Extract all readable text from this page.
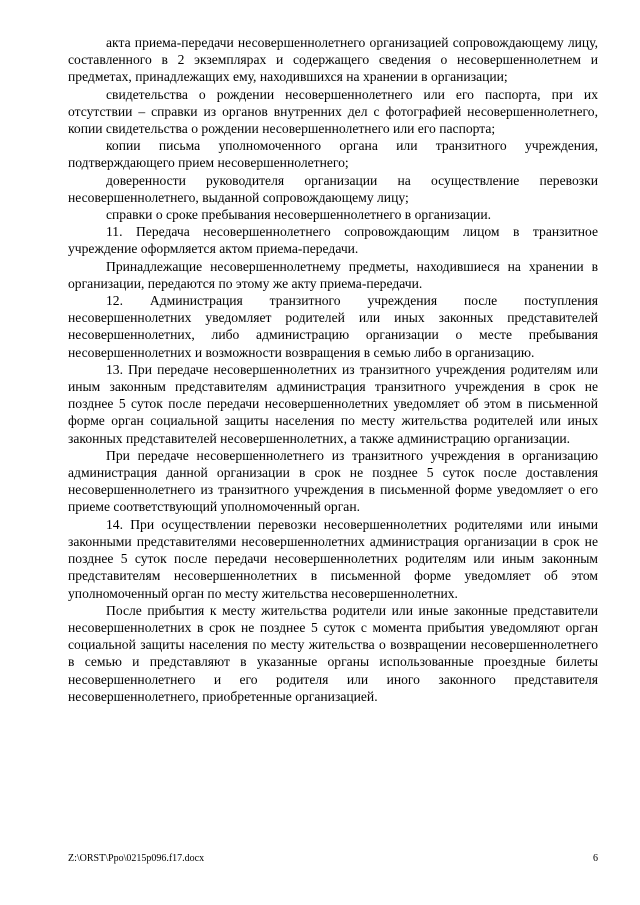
акта приема-передачи несовершеннолетнего организацией сопровождающему лицу, составленного в 2 экземплярах и содержащего сведения о несовершеннолетнем и предметах, принадлежащих ему, находившихся на хранении в организации;

свидетельства о рождении несовершеннолетнего или его паспорта, при их отсутствии – справки из органов внутренних дел с фотографией несовершеннолетнего, копии свидетельства о рождении несовершеннолетнего или его паспорта;

копии письма уполномоченного органа или транзитного учреждения, подтверждающего прием несовершеннолетнего;

доверенности руководителя организации на осуществление перевозки несовершеннолетнего, выданной сопровождающему лицу;

справки о сроке пребывания несовершеннолетнего в организации.

11. Передача несовершеннолетнего сопровождающим лицом в транзитное учреждение оформляется актом приема-передачи.

Принадлежащие несовершеннолетнему предметы, находившиеся на хранении в организации, передаются по этому же акту приема-передачи.

12. Администрация транзитного учреждения после поступления несовершеннолетних уведомляет родителей или иных законных представителей несовершеннолетних, либо администрацию организации о месте пребывания несовершеннолетних и возможности возвращения в семью либо в организацию.

13. При передаче несовершеннолетних из транзитного учреждения родителям или иным законным представителям администрация транзитного учреждения в срок не позднее 5 суток после передачи несовершеннолетних уведомляет об этом в письменной форме орган социальной защиты населения по месту жительства родителей или иных законных представителей несовершеннолетних, а также администрацию организации.

При передаче несовершеннолетнего из транзитного учреждения в организацию администрация данной организации в срок не позднее 5 суток после доставления несовершеннолетнего из транзитного учреждения в письменной форме уведомляет о его приеме соответствующий уполномоченный орган.

14. При осуществлении перевозки несовершеннолетних родителями или иными законными представителями несовершеннолетних администрация организации в срок не позднее 5 суток после передачи несовершеннолетних родителям или иным законным представителям несовершеннолетних в письменной форме уведомляет об этом уполномоченный орган по месту жительства несовершеннолетних.

После прибытия к месту жительства родители или иные законные представители несовершеннолетних в срок не позднее 5 суток с момента прибытия уведомляют орган социальной защиты населения по месту жительства о возвращении несовершеннолетнего в семью и представляют в указанные органы использованные проездные билеты несовершеннолетнего и его родителя или иного законного представителя несовершеннолетнего, приобретенные организацией.

Z:\ORST\Ppo\0215p096.f17.docx	6
